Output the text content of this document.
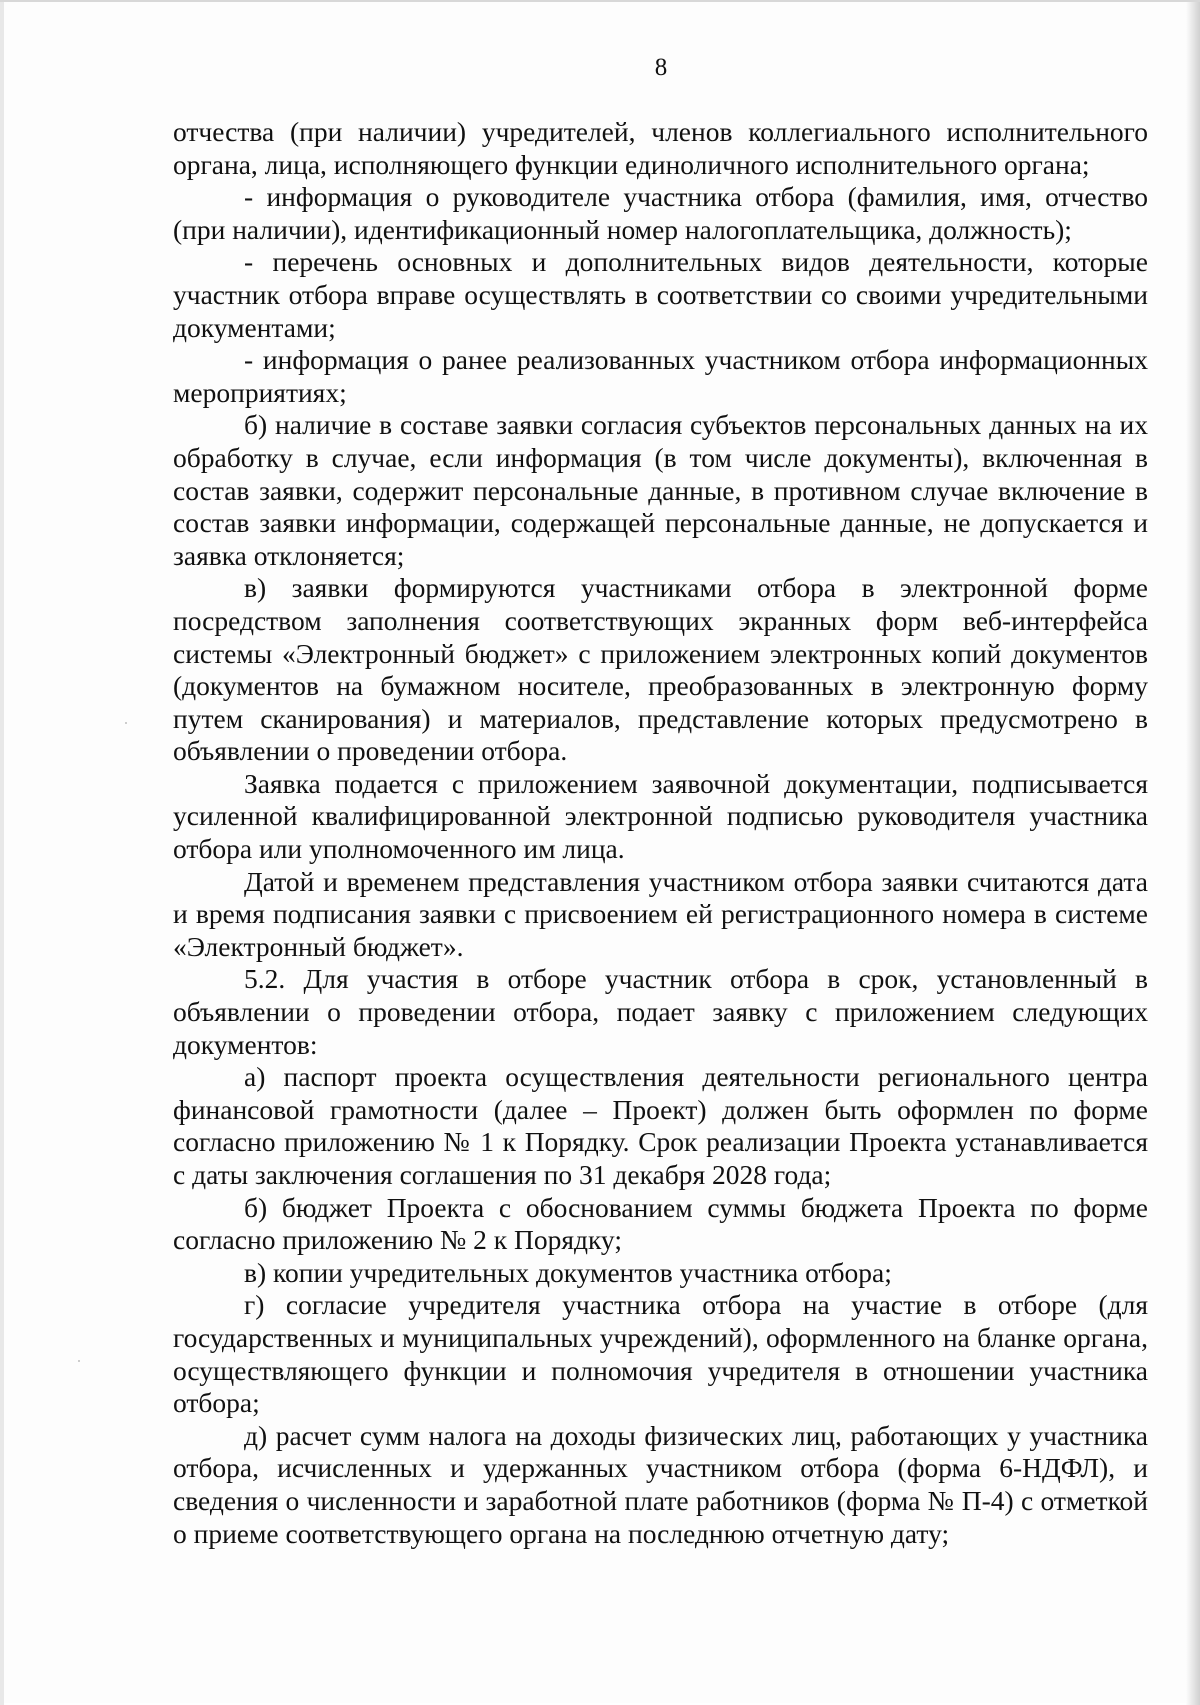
8

отчества (при наличии) учредителей, членов коллегиального исполнительного органа, лица, исполняющего функции единоличного исполнительного органа;

- информация о руководителе участника отбора (фамилия, имя, отчество (при наличии), идентификационный номер налогоплательщика, должность);

- перечень основных и дополнительных видов деятельности, которые участник отбора вправе осуществлять в соответствии со своими учредительными документами;

- информация о ранее реализованных участником отбора информационных мероприятиях;

б) наличие в составе заявки согласия субъектов персональных данных на их обработку в случае, если информация (в том числе документы), включенная в состав заявки, содержит персональные данные, в противном случае включение в состав заявки информации, содержащей персональные данные, не допускается и заявка отклоняется;

в) заявки формируются участниками отбора в электронной форме посредством заполнения соответствующих экранных форм веб-интерфейса системы «Электронный бюджет» с приложением электронных копий документов (документов на бумажном носителе, преобразованных в электронную форму путем сканирования) и материалов, представление которых предусмотрено в объявлении о проведении отбора.

Заявка подается с приложением заявочной документации, подписывается усиленной квалифицированной электронной подписью руководителя участника отбора или уполномоченного им лица.

Датой и временем представления участником отбора заявки считаются дата и время подписания заявки с присвоением ей регистрационного номера в системе «Электронный бюджет».

5.2. Для участия в отборе участник отбора в срок, установленный в объявлении о проведении отбора, подает заявку с приложением следующих документов:

а) паспорт проекта осуществления деятельности регионального центра финансовой грамотности (далее – Проект) должен быть оформлен по форме согласно приложению № 1 к Порядку. Срок реализации Проекта устанавливается с даты заключения соглашения по 31 декабря 2028 года;

б) бюджет Проекта с обоснованием суммы бюджета Проекта по форме согласно приложению № 2 к Порядку;

в) копии учредительных документов участника отбора;

г) согласие учредителя участника отбора на участие в отборе (для государственных и муниципальных учреждений), оформленного на бланке органа, осуществляющего функции и полномочия учредителя в отношении участника отбора;

д) расчет сумм налога на доходы физических лиц, работающих у участника отбора, исчисленных и удержанных участником отбора (форма 6-НДФЛ), и сведения о численности и заработной плате работников (форма № П-4) с отметкой о приеме соответствующего органа на последнюю отчетную дату;
